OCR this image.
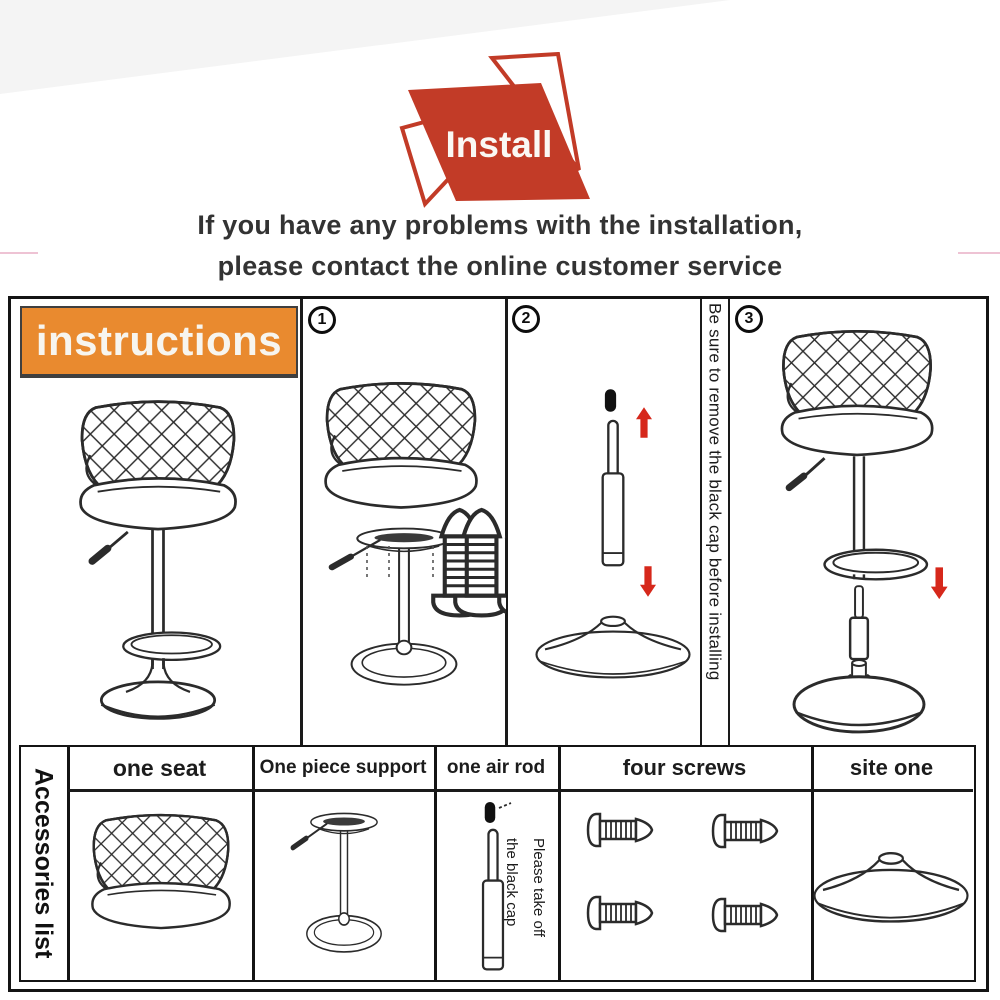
Install
If you have any problems with the installation,
please contact the online customer service
instructions 1	2	3
Be sure to remove the black cap before installing
Accessories list
one seat	One piece support	one air rod	four screws	site one
Please take off
the black cap
